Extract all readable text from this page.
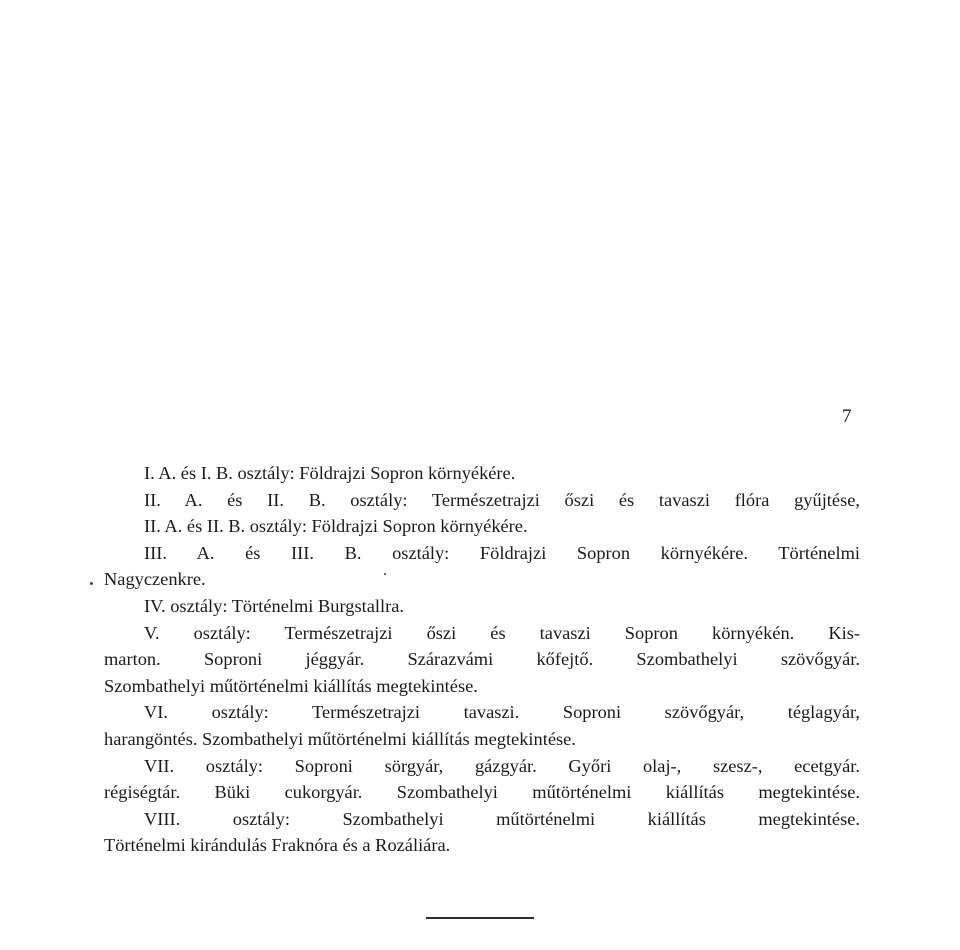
7
I. A. és I. B. osztály: Földrajzi Sopron környékére.
II. A. és II. B. osztály: Természetrajzi őszi és tavaszi flóra gyűjtése,
II. A. és II. B. osztály: Földrajzi Sopron környékére.
III. A. és III. B. osztály: Földrajzi Sopron környékére. Történelmi
Nagyczenkre.
IV. osztály: Történelmi Burgstallra.
V. osztály: Természetrajzi őszi és tavaszi Sopron környékén. Kis-
marton. Soproni jéggyár. Szárazvámi kőfejtő. Szombathelyi szövőgyár.
Szombathelyi műtörténelmi kiállítás megtekintése.
VI. osztály: Természetrajzi tavaszi. Soproni szövőgyár, téglagyár,
harangöntés. Szombathelyi műtörténelmi kiállítás megtekintése.
VII. osztály: Soproni sörgyár, gázgyár. Győri olaj-, szesz-, ecetgyár.
régiségtár. Büki cukorgyár. Szombathelyi műtörténelmi kiállítás megtekintése.
VIII. osztály: Szombathelyi műtörténelmi kiállítás megtekintése.
Történelmi kirándulás Fraknóra és a Rozáliára.
